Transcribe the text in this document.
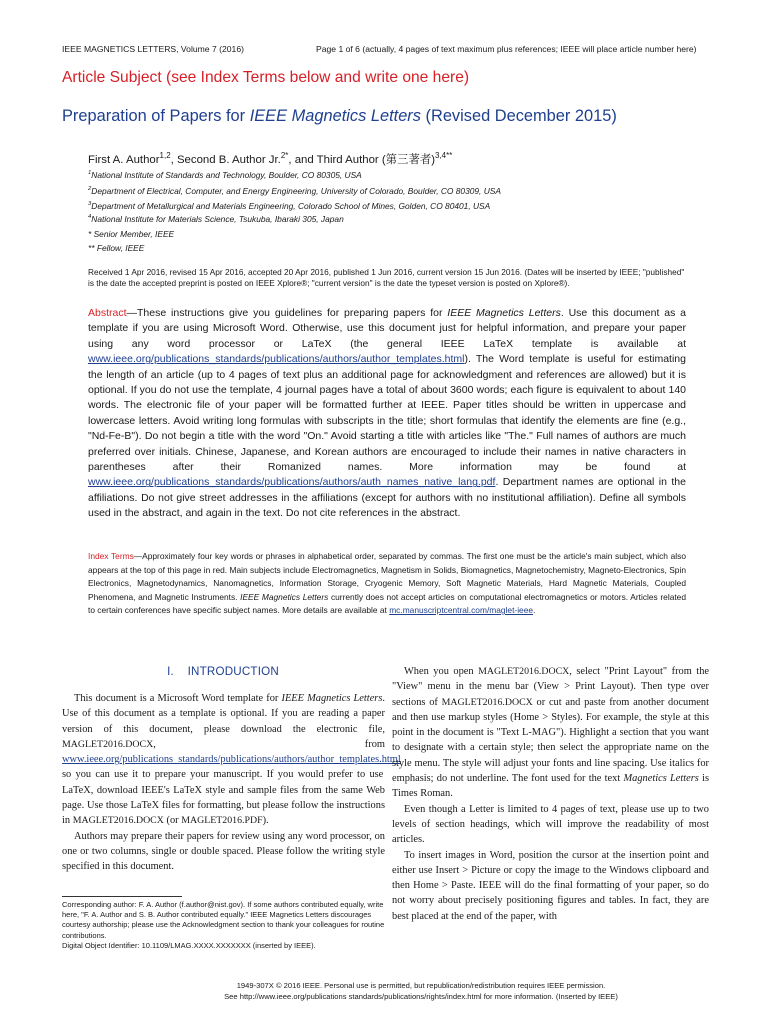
IEEE MAGNETICS LETTERS, Volume 7 (2016)	Page 1 of 6 (actually, 4 pages of text maximum plus references; IEEE will place article number here)
Article Subject (see Index Terms below and write one here)
Preparation of Papers for IEEE Magnetics Letters (Revised December 2015)
First A. Author$^{1,2}$, Second B. Author Jr.$^{2*}$, and Third Author (第三著者)$^{3,4**}$
$^1$National Institute of Standards and Technology, Boulder, CO 80305, USA
$^2$Department of Electrical, Computer, and Energy Engineering, University of Colorado, Boulder, CO 80309, USA
$^3$Department of Metallurgical and Materials Engineering, Colorado School of Mines, Golden, CO 80401, USA
$^4$National Institute for Materials Science, Tsukuba, Ibaraki 305, Japan
* Senior Member, IEEE
** Fellow, IEEE
Received 1 Apr 2016, revised 15 Apr 2016, accepted 20 Apr 2016, published 1 Jun 2016, current version 15 Jun 2016. (Dates will be inserted by IEEE; "published" is the date the accepted preprint is posted on IEEE Xplore®; "current version" is the date the typeset version is posted on Xplore®).
Abstract—These instructions give you guidelines for preparing papers for IEEE Magnetics Letters. Use this document as a template if you are using Microsoft Word. Otherwise, use this document just for helpful information, and prepare your paper using any word processor or LaTeX (the general IEEE LaTeX template is available at www.ieee.org/publications_standards/publications/authors/author_templates.html). The Word template is useful for estimating the length of an article (up to 4 pages of text plus an additional page for acknowledgment and references are allowed) but it is optional. If you do not use the template, 4 journal pages have a total of about 3600 words; each figure is equivalent to about 140 words. The electronic file of your paper will be formatted further at IEEE. Paper titles should be written in uppercase and lowercase letters. Avoid writing long formulas with subscripts in the title; short formulas that identify the elements are fine (e.g., "Nd-Fe-B"). Do not begin a title with the word "On." Avoid starting a title with articles like "The." Full names of authors are much preferred over initials. Chinese, Japanese, and Korean authors are encouraged to include their names in native characters in parentheses after their Romanized names. More information may be found at www.ieee.org/publications_standards/publications/authors/auth_names_native_lang.pdf. Department names are optional in the affiliations. Do not give street addresses in the affiliations (except for authors with no institutional affiliation). Define all symbols used in the abstract, and again in the text. Do not cite references in the abstract.
Index Terms—Approximately four key words or phrases in alphabetical order, separated by commas. The first one must be the article's main subject, which also appears at the top of this page in red. Main subjects include Electromagnetics, Magnetism in Solids, Biomagnetics, Magnetochemistry, Magneto-Electronics, Spin Electronics, Magnetodynamics, Nanomagnetics, Information Storage, Cryogenic Memory, Soft Magnetic Materials, Hard Magnetic Materials, Coupled Phenomena, and Magnetic Instruments. IEEE Magnetics Letters currently does not accept articles on computational electromagnetics or motors. Articles related to certain conferences have specific subject names. More details are available at mc.manuscriptcentral.com/maglet-ieee.
I. INTRODUCTION

This document is a Microsoft Word template for IEEE Magnetics Letters. Use of this document as a template is optional. If you are reading a paper version of this document, please download the electronic file, MAGLET2016.DOCX, from www.ieee.org/publications_standards/publications/authors/author_templates.html so you can use it to prepare your manuscript. If you would prefer to use LaTeX, download IEEE's LaTeX style and sample files from the same Web page. Use those LaTeX files for formatting, but please follow the instructions in MAGLET2016.DOCX (or MAGLET2016.PDF).

Authors may prepare their papers for review using any word processor, on one or two columns, single or double spaced. Please follow the writing style specified in this document.

Corresponding author: F. A. Author (f.author@nist.gov). If some authors contributed equally, write here, "F. A. Author and S. B. Author contributed equally." IEEE Magnetics Letters discourages courtesy authorship; please use the Acknowledgment section to thank your colleagues for routine contributions.
Digital Object Identifier: 10.1109/LMAG.XXXX.XXXXXXX (inserted by IEEE).

When you open MAGLET2016.DOCX, select "Print Layout" from the "View" menu in the menu bar (View > Print Layout). Then type over sections of MAGLET2016.DOCX or cut and paste from another document and then use markup styles (Home > Styles). For example, the style at this point in the document is "Text L-MAG"). Highlight a section that you want to designate with a certain style; then select the appropriate name on the style menu. The style will adjust your fonts and line spacing. Use italics for emphasis; do not underline. The font used for the text Magnetics Letters is Times Roman.

Even though a Letter is limited to 4 pages of text, please use up to two levels of section headings, which will improve the readability of most articles.

To insert images in Word, position the cursor at the insertion point and either use Insert > Picture or copy the image to the Windows clipboard and then Home > Paste. IEEE will do the final formatting of your paper, so do not worry about precisely positioning figures and tables. In fact, they are best placed at the end of the paper, with

1949-307X © 2016 IEEE. Personal use is permitted, but republication/redistribution requires IEEE permission.
See http://www.ieee.org/publications standards/publications/rights/index.html for more information. (Inserted by IEEE)
